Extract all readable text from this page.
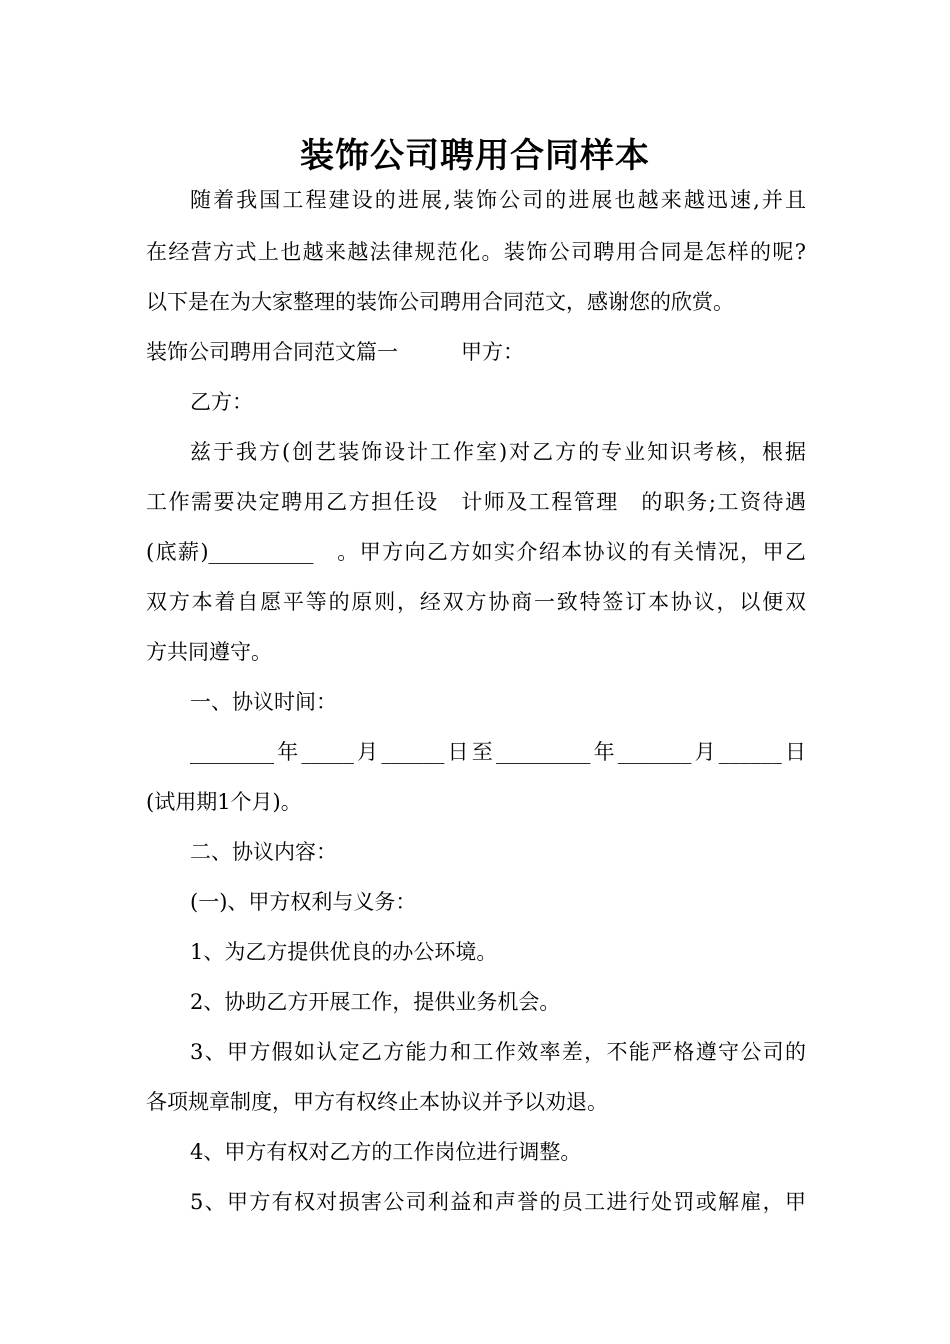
装饰公司聘用合同样本
随着我国工程建设的进展,装饰公司的进展也越来越迅速,并且
在经营方式上也越来越法律规范化。装饰公司聘用合同是怎样的呢?
以下是在为大家整理的装饰公司聘用合同范文，感谢您的欣赏。
装饰公司聘用合同范文篇一　　　甲方：
乙方：
兹于我方(创艺装饰设计工作室)对乙方的专业知识考核，根据
工作需要决定聘用乙方担任设　计师及工程管理　的职务;工资待遇
(底薪)__________　。甲方向乙方如实介绍本协议的有关情况，甲乙
双方本着自愿平等的原则，经双方协商一致特签订本协议，以便双
方共同遵守。
一、协议时间：
________年_____月______日至_________年_______月______日
(试用期1个月)。
二、协议内容：
(一)、甲方权利与义务：
1、为乙方提供优良的办公环境。
2、协助乙方开展工作，提供业务机会。
3、甲方假如认定乙方能力和工作效率差，不能严格遵守公司的
各项规章制度，甲方有权终止本协议并予以劝退。
4、甲方有权对乙方的工作岗位进行调整。
5、甲方有权对损害公司利益和声誉的员工进行处罚或解雇，甲
